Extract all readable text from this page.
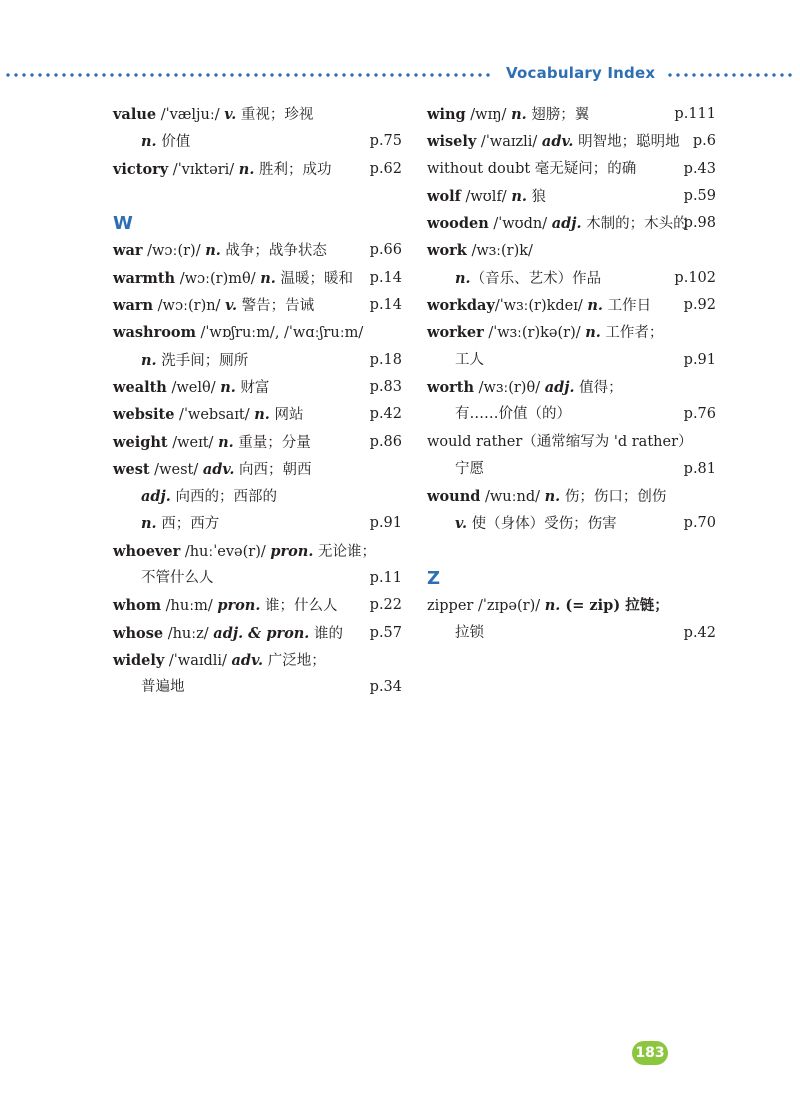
Vocabulary Index
value /ˈvæljuː/ v. 重视；珍视
n. 价值	p.75
victory /ˈvɪktəri/ n. 胜利；成功	p.62
W
war /wɔː(r)/ n. 战争；战争状态	p.66
warmth /wɔː(r)mθ/ n. 温暖；暖和 p.14
warn /wɔː(r)n/ v. 警告；告诫	p.14
washroom /ˈwɒʃruːm/, /ˈwɑːʃruːm/
n. 洗手间；厕所	p.18
wealth /welθ/ n. 财富	p.83
website /ˈwebsaɪt/ n. 网站	p.42
weight /weɪt/ n. 重量；分量	p.86
west /west/ adv. 向西；朝西
adj. 向西的；西部的
n. 西；西方	p.91
whoever /huːˈevə(r)/ pron. 无论谁；
不管什么人	p.11
whom /huːm/ pron. 谁；什么人 p.22
whose /huːz/ adj. & pron. 谁的 p.57
widely /ˈwaɪdli/ adv. 广泛地；
普遍地	p.34
wing /wɪŋ/ n. 翅膀；翼	p.111
wisely /ˈwaɪzli/ adv. 明智地；聪明地 p.6
without doubt 毫无疑问；的确	p.43
wolf /wʊlf/ n. 狼	p.59
wooden /ˈwʊdn/ adj. 木制的；木头的
p.98
work /wɜː(r)k/
n.（音乐、艺术）作品	p.102
workday/ˈwɜː(r)kdeɪ/ n. 工作日 p.92
worker /ˈwɜː(r)kə(r)/ n. 工作者；
工人	p.91
worth /wɜː(r)θ/ adj. 值得；
有……价值（的）	p.76
would rather（通常缩写为 'd rather）
宁愿	p.81
wound /wuːnd/ n. 伤；伤口；创伤
v. 使（身体）受伤；伤害	p.70
Z
zipper /ˈzɪpə(r)/ n. (= zip) 拉链；
拉锁	p.42
183
